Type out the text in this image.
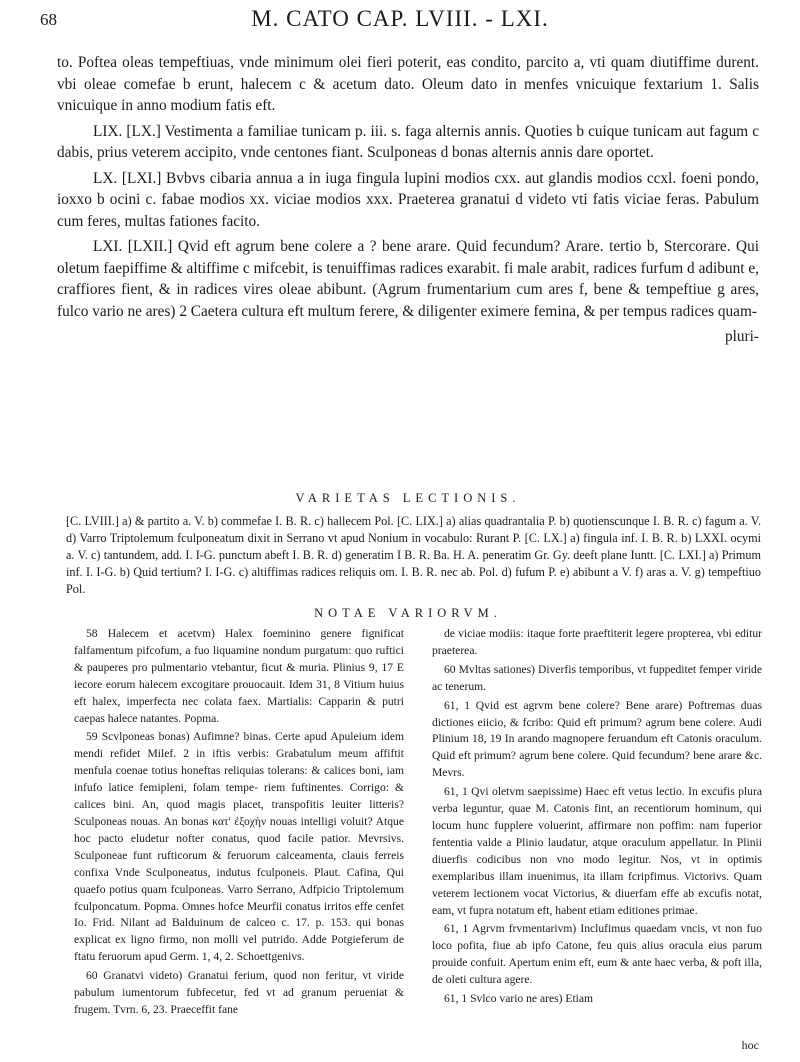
68	M. CATO CAP. LVIII. - LXI.

to. Poftea oleas tempeftiuas, vnde minimum olei fieri poterit, eas condito, parcito a, vti quam diutiffime durent. vbi oleae comefae b erunt, halecem c & acetum dato. Oleum dato in menfes vnicuique fextarium 1. Salis vnicuique in anno modium fatis eft.

LIX. [LX.] Vestimenta a familiae tunicam p. iii. s. faga alternis annis. Quoties b cuique tunicam aut fagum c dabis, prius veterem accipito, vnde centones fiant. Sculponeas d bonas alternis annis dare oportet.

LX. [LXI.] Bvbvs cibaria annua a in iuga fingula lupini modios cxx. aut glandis modios ccxl. foeni pondo, ioxxo b ocini c. fabae modios xx. viciae modios xxx. Praeterea granatui d videto vti fatis viciae feras. Pabulum cum feres, multas fationes facito.

LXI. [LXII.] Qvid eft agrum bene colere a ? bene arare. Quid fecundum? Arare. tertio b, Stercorare. Qui oletum faepiffime & altiffime c mifcebit, is tenuiffimas radices exarabit. fi male arabit, radices furfum d adibunt e, craffiores fient, & in radices vires oleae abibunt. (Agrum frumentarium cum ares f, bene & tempeftiue g ares, fulco vario ne ares) 2 Caetera cultura eft multum ferere, & diligenter eximere femina, & per tempus radices quam-

pluri-
VARIETAS LECTIONIS.

[C. LVIII.] a) & partito a. V. b) commefae I. B. R. c) hallecem Pol. [C. LIX.] a) alias quadrantalia P. b) quotienscunque I. B. R. c) fagum a. V. d) Varro Triptolemum fculponeatum dixit in Serrano vt apud Nonium in vocabulo: Rurant P. [C. LX.] a) fingula inf. I. B. R. b) LXXI. ocymi a. V. c) tantundem, add. I. I-G. punctum abeft I. B. R. d) generatim I B. R. Ba. H. A. peneratim Gr. Gy. deeft plane Iuntt. [C. LXI.] a) Primum inf. I. I-G. b) Quid tertium? I. I-G. c) altiffimas radices reliquis om. I. B. R. nec ab. Pol. d) fufum P. e) abibunt a V. f) aras a. V. g) tempeftiuo Pol.

NOTAE VARIORVM.

58 Halecem et acetvm) Halex foeminino genere fignificat falfamentum pifcofum, a fuo liquamine nondum purgatum: quo ruftici & pauperes pro pulmentario vtebantur, ficut & muria. Plinius 9, 17 E iecore eorum halecem excogitare prouocauit. Idem 31, 8 Vitium huius eft halex, imperfecta nec colata faex. Martialis: Capparin & putri caepas halece natantes. Popma.

59 Scvlponeas bonas) Aufimne? binas. Certe apud Apuleium idem mendi refidet Milef. 2 in iftis verbis: Grabatulum meum affiftit menfula coenae totius honeftas reliquias tolerans: & calices boni, iam infufo latice femipleni, folam tempe- riem fuftinentes. Corrigo: & calices bini. An, quod magis placet, transpofitis leuiter litteris? Sculponeas nouas. An bonas κατ' ἐξοχὴν nouas intelligi voluit? Atque hoc pacto eludetur nofter conatus, quod facile patior. Mevrsivs. Sculponeae funt rufticorum & feruorum calceamenta, clauis ferreis confixa Vnde Sculponeatus, indutus fculponeis. Plaut. Cafina, Qui quaefo potius quam fculponeas. Varro Serrano, Adfpicio Triptolemum fculponcatum. Popma. Omnes hofce Meurfii conatus irritos effe cenfet Io. Frid. Nilant ad Balduinum de calceo c. 17. p. 153. qui bonas explicat ex ligno firmo, non molli vel putrido. Adde Potgieferum de ftatu feruorum apud Germ. 1, 4, 2. Schoettgenivs.

60 Granatvi videto) Granatui ferium, quod non feritur, vt viride pabulum iumentorum fubfecetur, fed vt ad granum perueniat & frugem. Tvrn. 6, 23. Praeceffit fane

de viciae modiis: itaque forte praeftiterit legere propterea, vbi editur praeterea.

60 Mvltas sationes) Diverfis temporibus, vt fuppeditet femper viride ac tenerum.

61, 1 Qvid est agrvm bene colere? Bene arare) Poftremas duas dictiones eiicio, & fcribo: Quid eft primum? agrum bene colere. Audi Plinium 18, 19 In arando magnopere feruandum eft Catonis oraculum. Quid eft primum? agrum bene colere. Quid fecundum? bene arare &c. Mevrs.

61, 1 Qvi oletvm saepissime) Haec eft vetus lectio. In excufis plura verba leguntur, quae M. Catonis fint, an recentiorum hominum, qui locum hunc fupplere voluerint, affirmare non poffim: nam fuperior fententia valde a Plinio laudatur, atque oraculum appellatur. In Plinii diuerfis codicibus non vno modo legitur. Nos, vt in optimis exemplaribus illam inuenimus, ita illam fcripfimus. Victorivs. Quam veterem lectionem vocat Victorius, & diuerfam effe ab excufis notat, eam, vt fupra notatum eft, habent etiam editiones primae.

61, 1 Agrvm frvmentarivm) Inclufimus quaedam vncis, vt non fuo loco pofita, fiue ab ipfo Catone, feu quis alius oracula eius parum prouide confuit. Apertum enim eft, eum & ante haec verba, & poft illa, de oleti cultura agere.

61, 1 Svlco vario ne ares) Etiam

hoc
